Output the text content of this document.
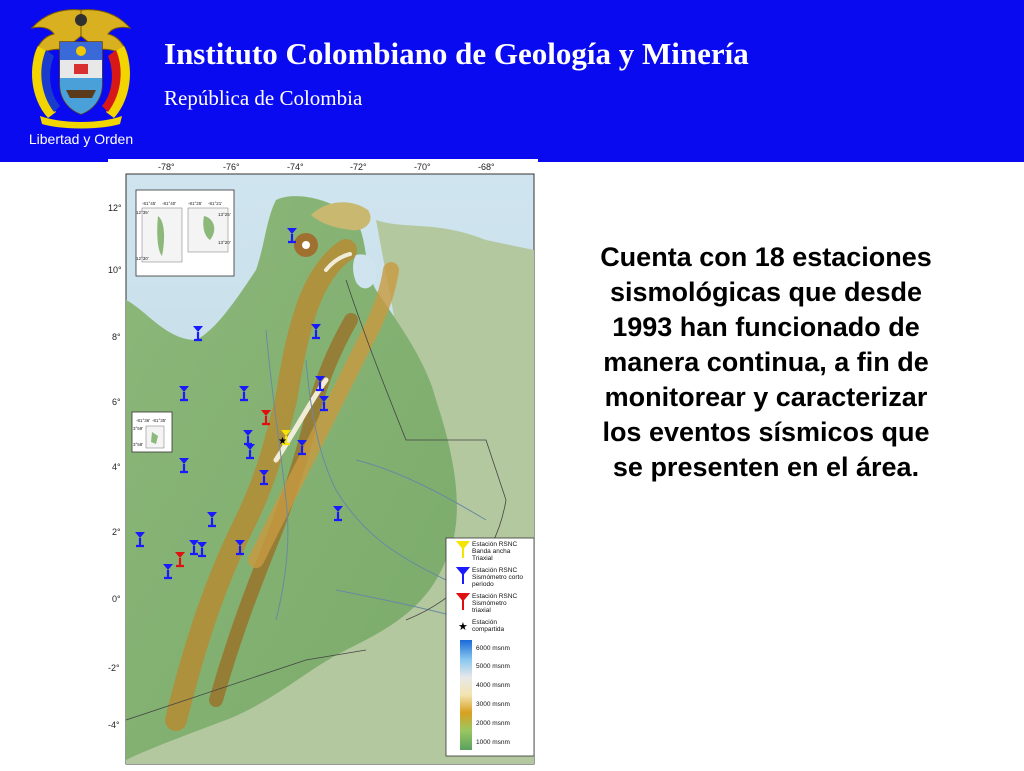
Libertad y Orden
Instituto Colombiano de Geología y Minería
República de Colombia
-78°	-76°	-74°	-72°	-70°	-68°
12°
10°
8°
6°
4°
2°
0°
-2°
-4°
-81°45' -81°40'	-81°25' -81°21'
12°35'
12°30'
13°25'
13°20'
-81°36' -81°35'
3°59'
3°58'	★
Estación RSNC
Banda ancha
Triaxial
Estación RSNC
Sismómetro corto
periodo
Estación RSNC
Sismómetro
triaxial
★ Estación
compartida
6000 msnm
5000 msnm
4000 msnm
3000 msnm
2000 msnm
1000 msnm
Cuenta con 18 estaciones sismológicas que desde 1993 han funcionado de manera continua, a fin de monitorear y caracterizar los eventos sísmicos que se presenten en el área.
